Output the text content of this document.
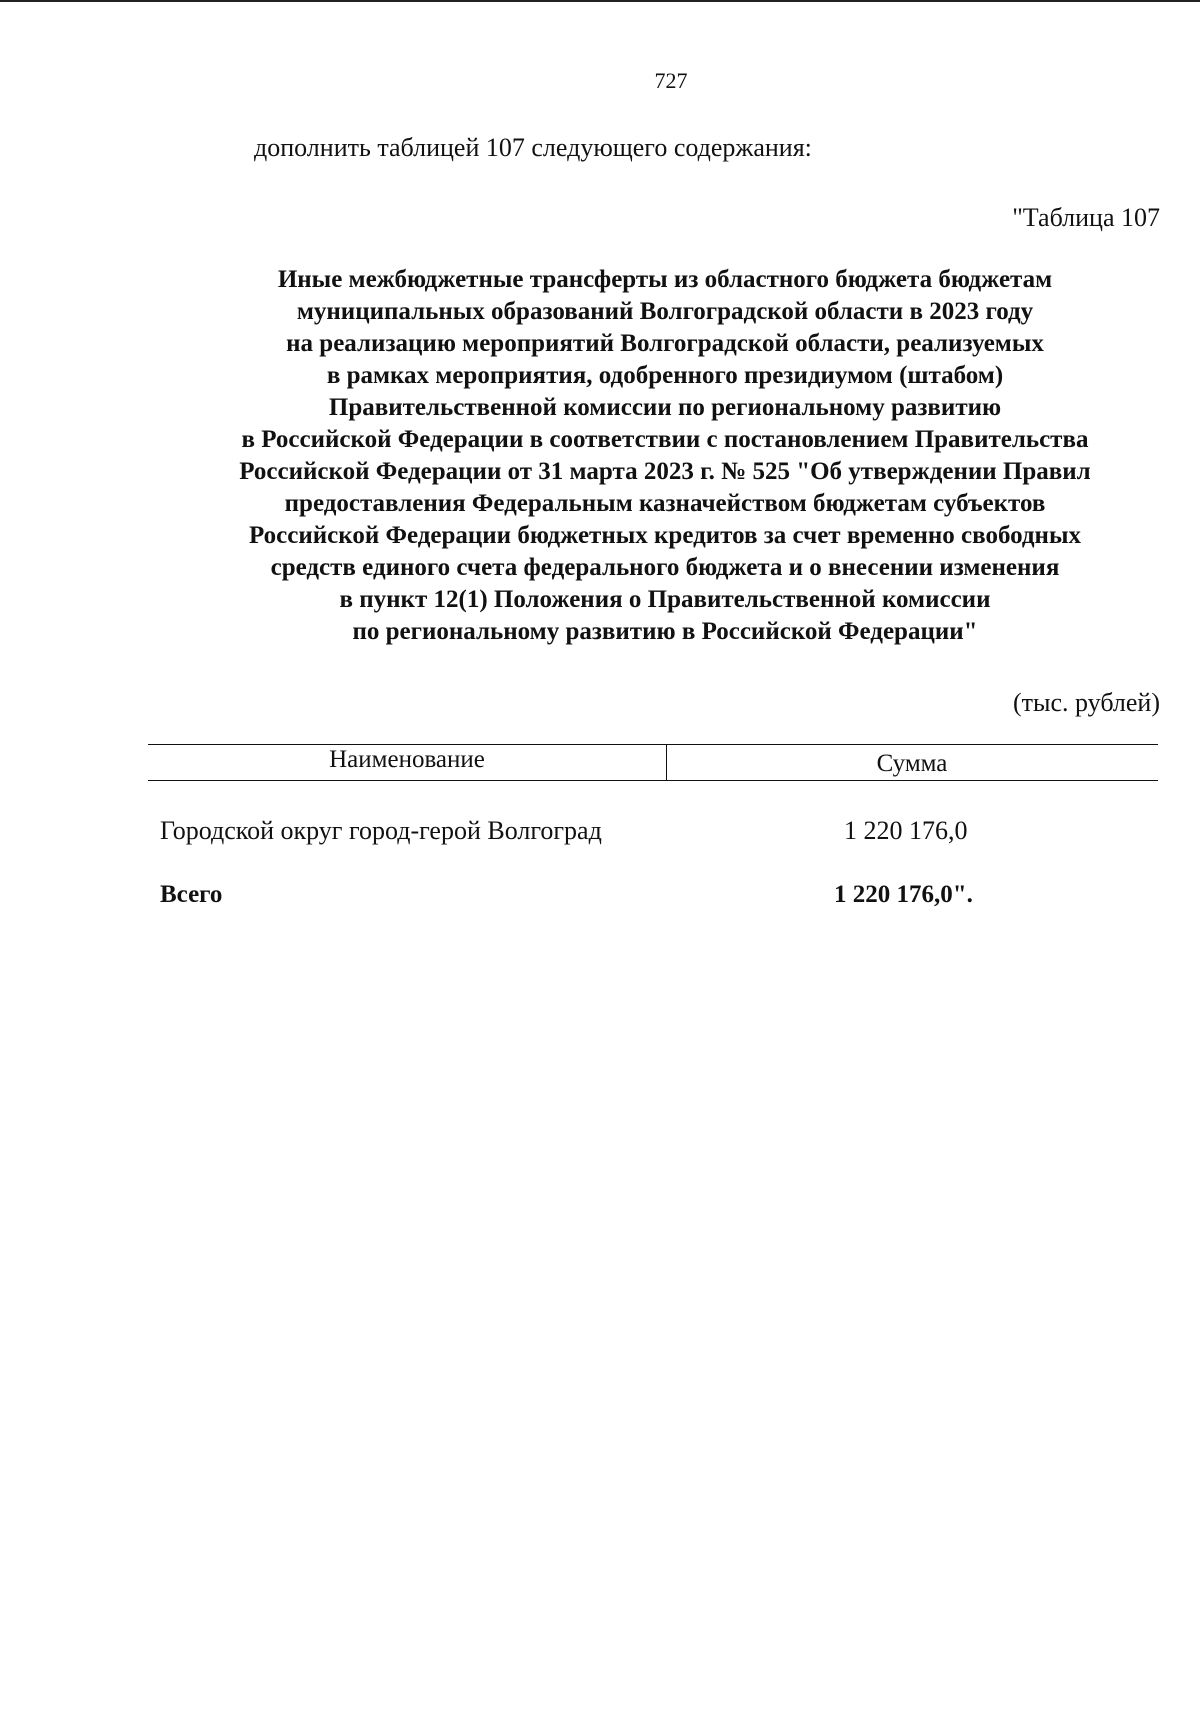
727
дополнить таблицей 107 следующего содержания:
"Таблица 107
Иные межбюджетные трансферты из областного бюджета бюджетам
муниципальных образований Волгоградской области в 2023 году
на реализацию мероприятий Волгоградской области, реализуемых
в рамках мероприятия, одобренного президиумом (штабом)
Правительственной комиссии по региональному развитию
в Российской Федерации в соответствии с постановлением Правительства
Российской Федерации от 31 марта 2023 г. № 525 "Об утверждении Правил
предоставления Федеральным казначейством бюджетам субъектов
Российской Федерации бюджетных кредитов за счет временно свободных
средств единого счета федерального бюджета и о внесении изменения
в пункт 12(1) Положения о Правительственной комиссии
по региональному развитию в Российской Федерации"
(тыс. рублей)
Наименование	Сумма
Городской округ город-герой Волгоград	1 220 176,0
Всего	1 220 176,0".
